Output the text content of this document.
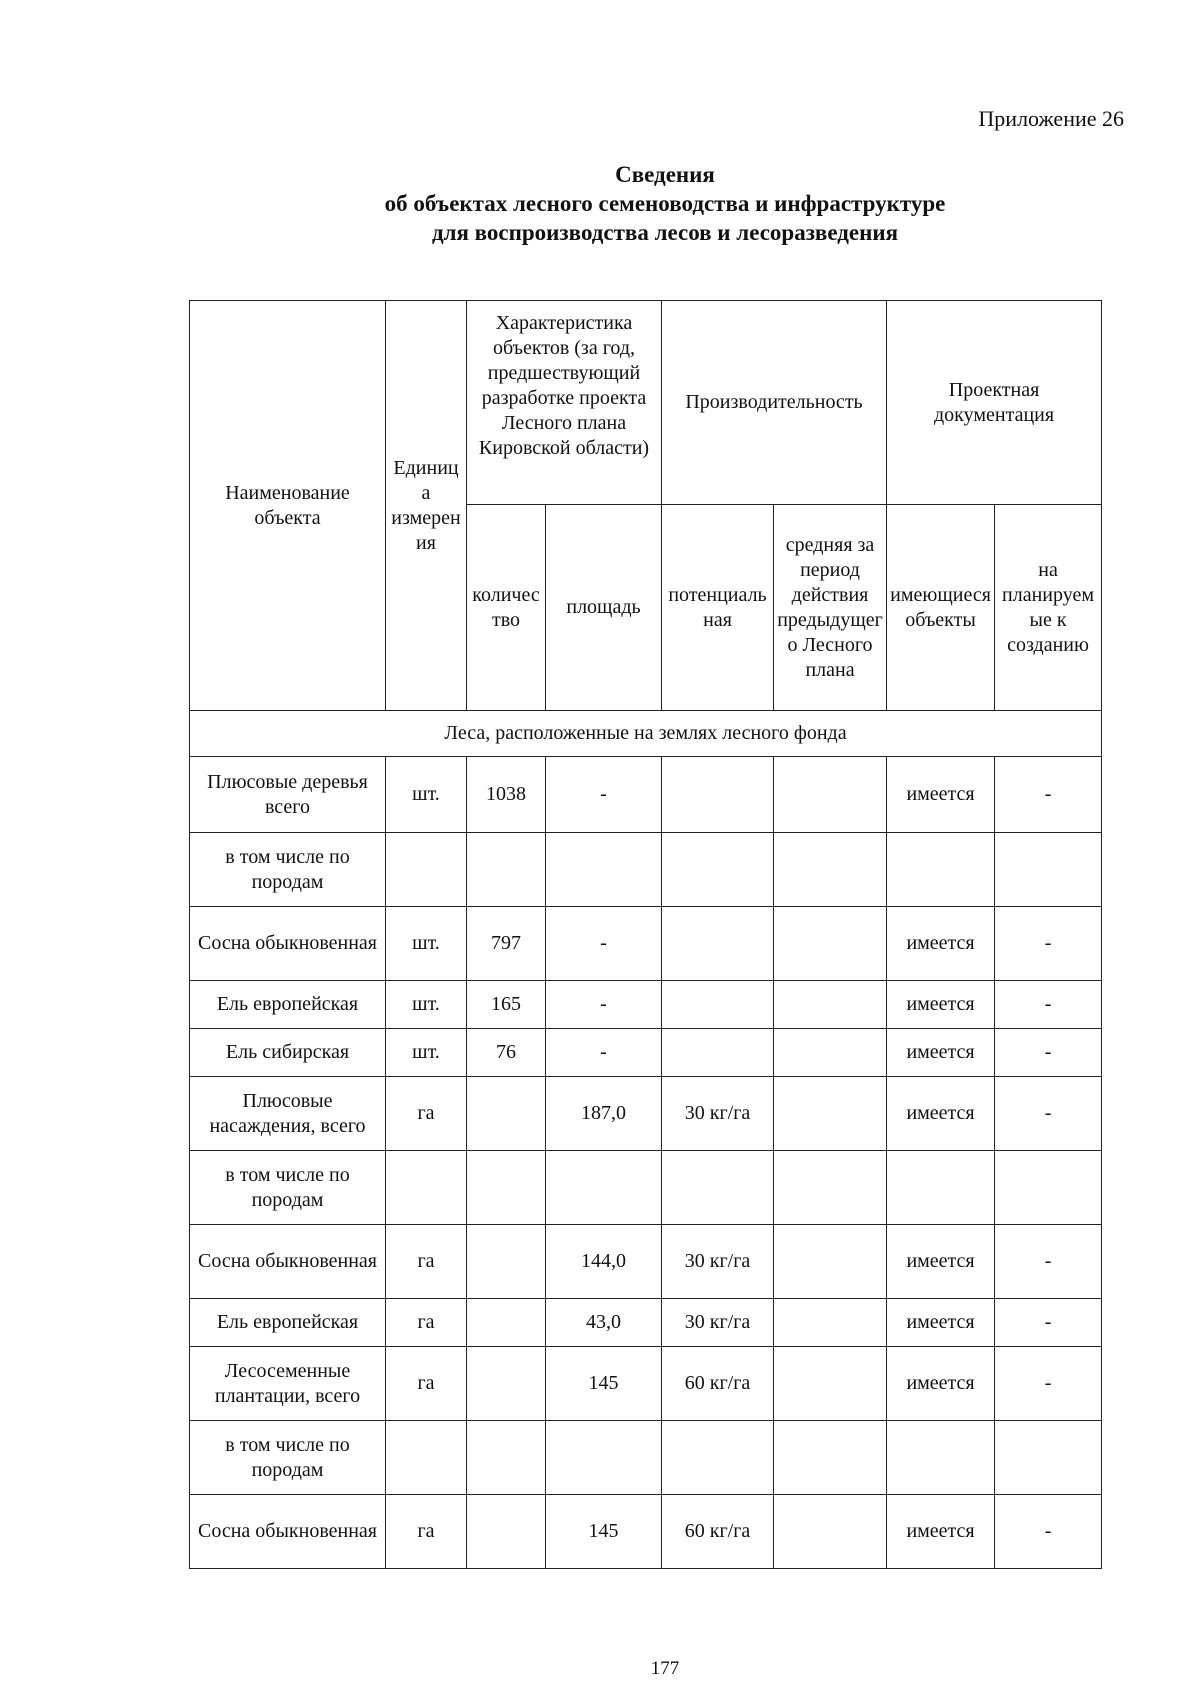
Приложение 26
Сведения
об объектах лесного семеноводства и инфраструктуре
для воспроизводства лесов и лесоразведения
Наименование объекта	Единица измерения	Характеристика объектов (за год, предшествующий разработке проекта Лесного плана Кировской области)		Производительность		Проектная документация	
		количество	площадь	потенциальная	средняя за период действия предыдущего Лесного плана	имеющиеся объекты	на планируемые к созданию
Леса, расположенные на землях лесного фонда							
Плюсовые деревья всего	шт.	1038	-			имеется	-
в том числе по породам							
Сосна обыкновенная	шт.	797	-			имеется	-
Ель европейская	шт.	165	-			имеется	-
Ель сибирская	шт.	76	-			имеется	-
Плюсовые насаждения, всего	га		187,0	30 кг/га		имеется	-
в том числе по породам							
Сосна обыкновенная	га		144,0	30 кг/га		имеется	-
Ель европейская	га		43,0	30 кг/га		имеется	-
Лесосеменные плантации, всего	га		145	60 кг/га		имеется	-
в том числе по породам							
Сосна обыкновенная	га		145	60 кг/га		имеется	-
177
